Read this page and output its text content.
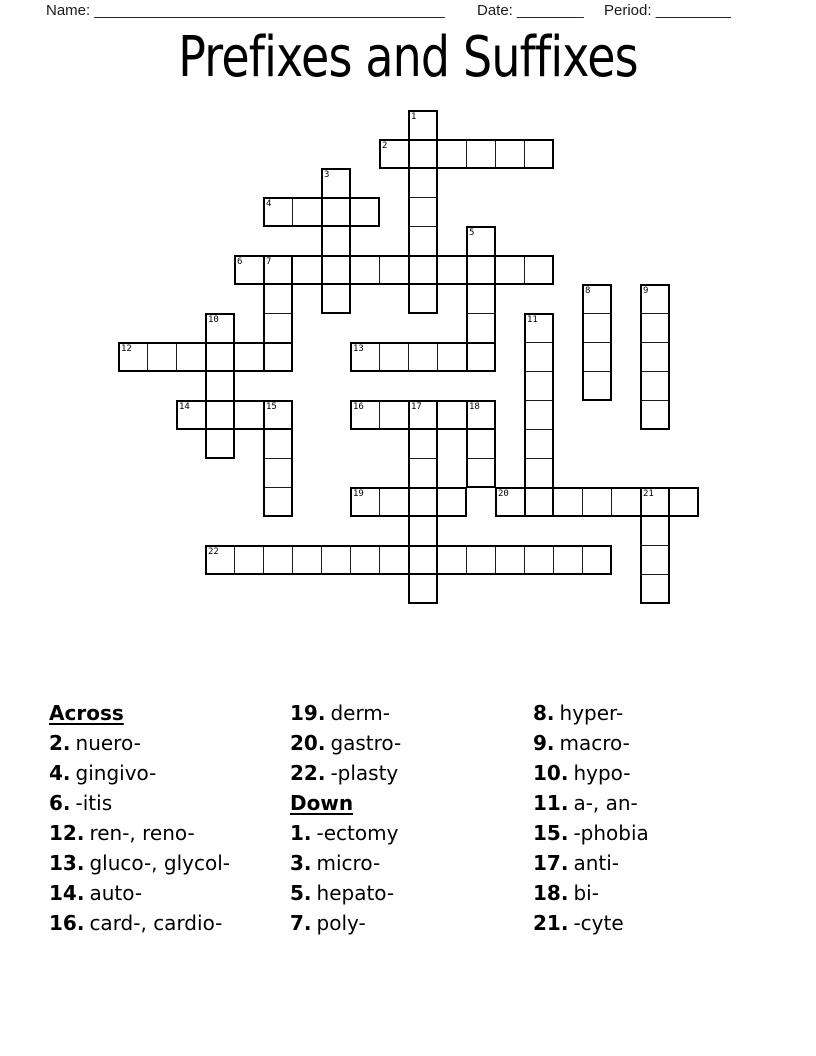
Name: __________________________________________ Date: ________ Period: _________
Prefixes and Suffixes
2
4
6
12	13
14	16
19	20
22
1
3
5
7
8	9
10	11
15	17	18
21
Across
2. nuero-
4. gingivo-
6. -itis
12. ren-, reno-
13. gluco-, glycol-
14. auto-
16. card-, cardio-
19. derm-
20. gastro-
22. -plasty
Down
1. -ectomy
3. micro-
5. hepato-
7. poly-
8. hyper-
9. macro-
10. hypo-
11. a-, an-
15. -phobia
17. anti-
18. bi-
21. -cyte
